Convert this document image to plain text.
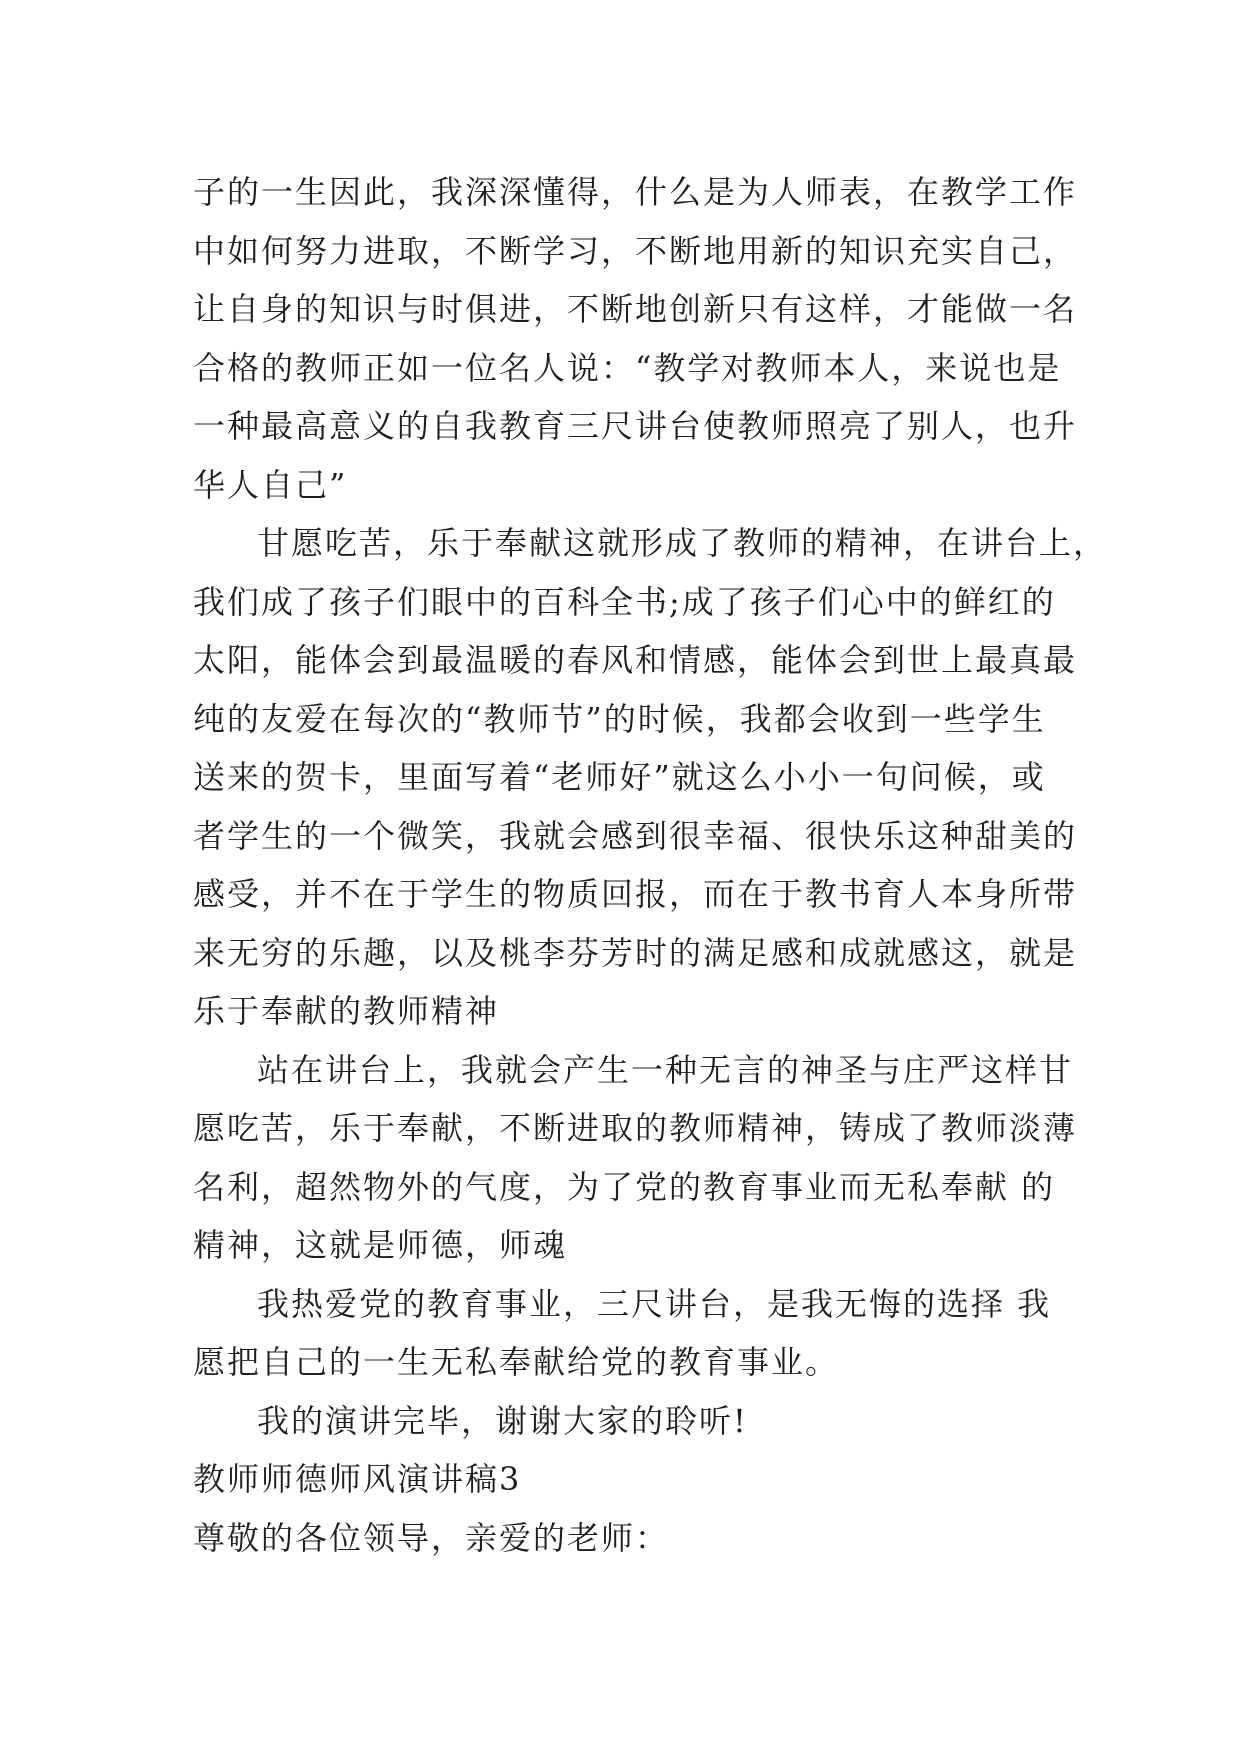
子的一生因此，我深深懂得，什么是为人师表，在教学工作
中如何努力进取，不断学习，不断地用新的知识充实自己，
让自身的知识与时俱进，不断地创新只有这样，才能做一名
合格的教师正如一位名人说：“教学对教师本人，来说也是
一种最高意义的自我教育三尺讲台使教师照亮了别人，也升
华人自己”
甘愿吃苦，乐于奉献这就形成了教师的精神，在讲台上，
我们成了孩子们眼中的百科全书;成了孩子们心中的鲜红的
太阳，能体会到最温暖的春风和情感，能体会到世上最真最
纯的友爱在每次的“教师节”的时候，我都会收到一些学生
送来的贺卡，里面写着“老师好”就这么小小一句问候，或
者学生的一个微笑，我就会感到很幸福、很快乐这种甜美的
感受，并不在于学生的物质回报，而在于教书育人本身所带
来无穷的乐趣，以及桃李芬芳时的满足感和成就感这，就是
乐于奉献的教师精神
站在讲台上，我就会产生一种无言的神圣与庄严这样甘
愿吃苦，乐于奉献，不断进取的教师精神，铸成了教师淡薄
名利，超然物外的气度，为了党的教育事业而无私奉献 的
精神，这就是师德，师魂
我热爱党的教育事业，三尺讲台，是我无悔的选择 我
愿把自己的一生无私奉献给党的教育事业。
我的演讲完毕，谢谢大家的聆听!
教师师德师风演讲稿3
尊敬的各位领导，亲爱的老师：
